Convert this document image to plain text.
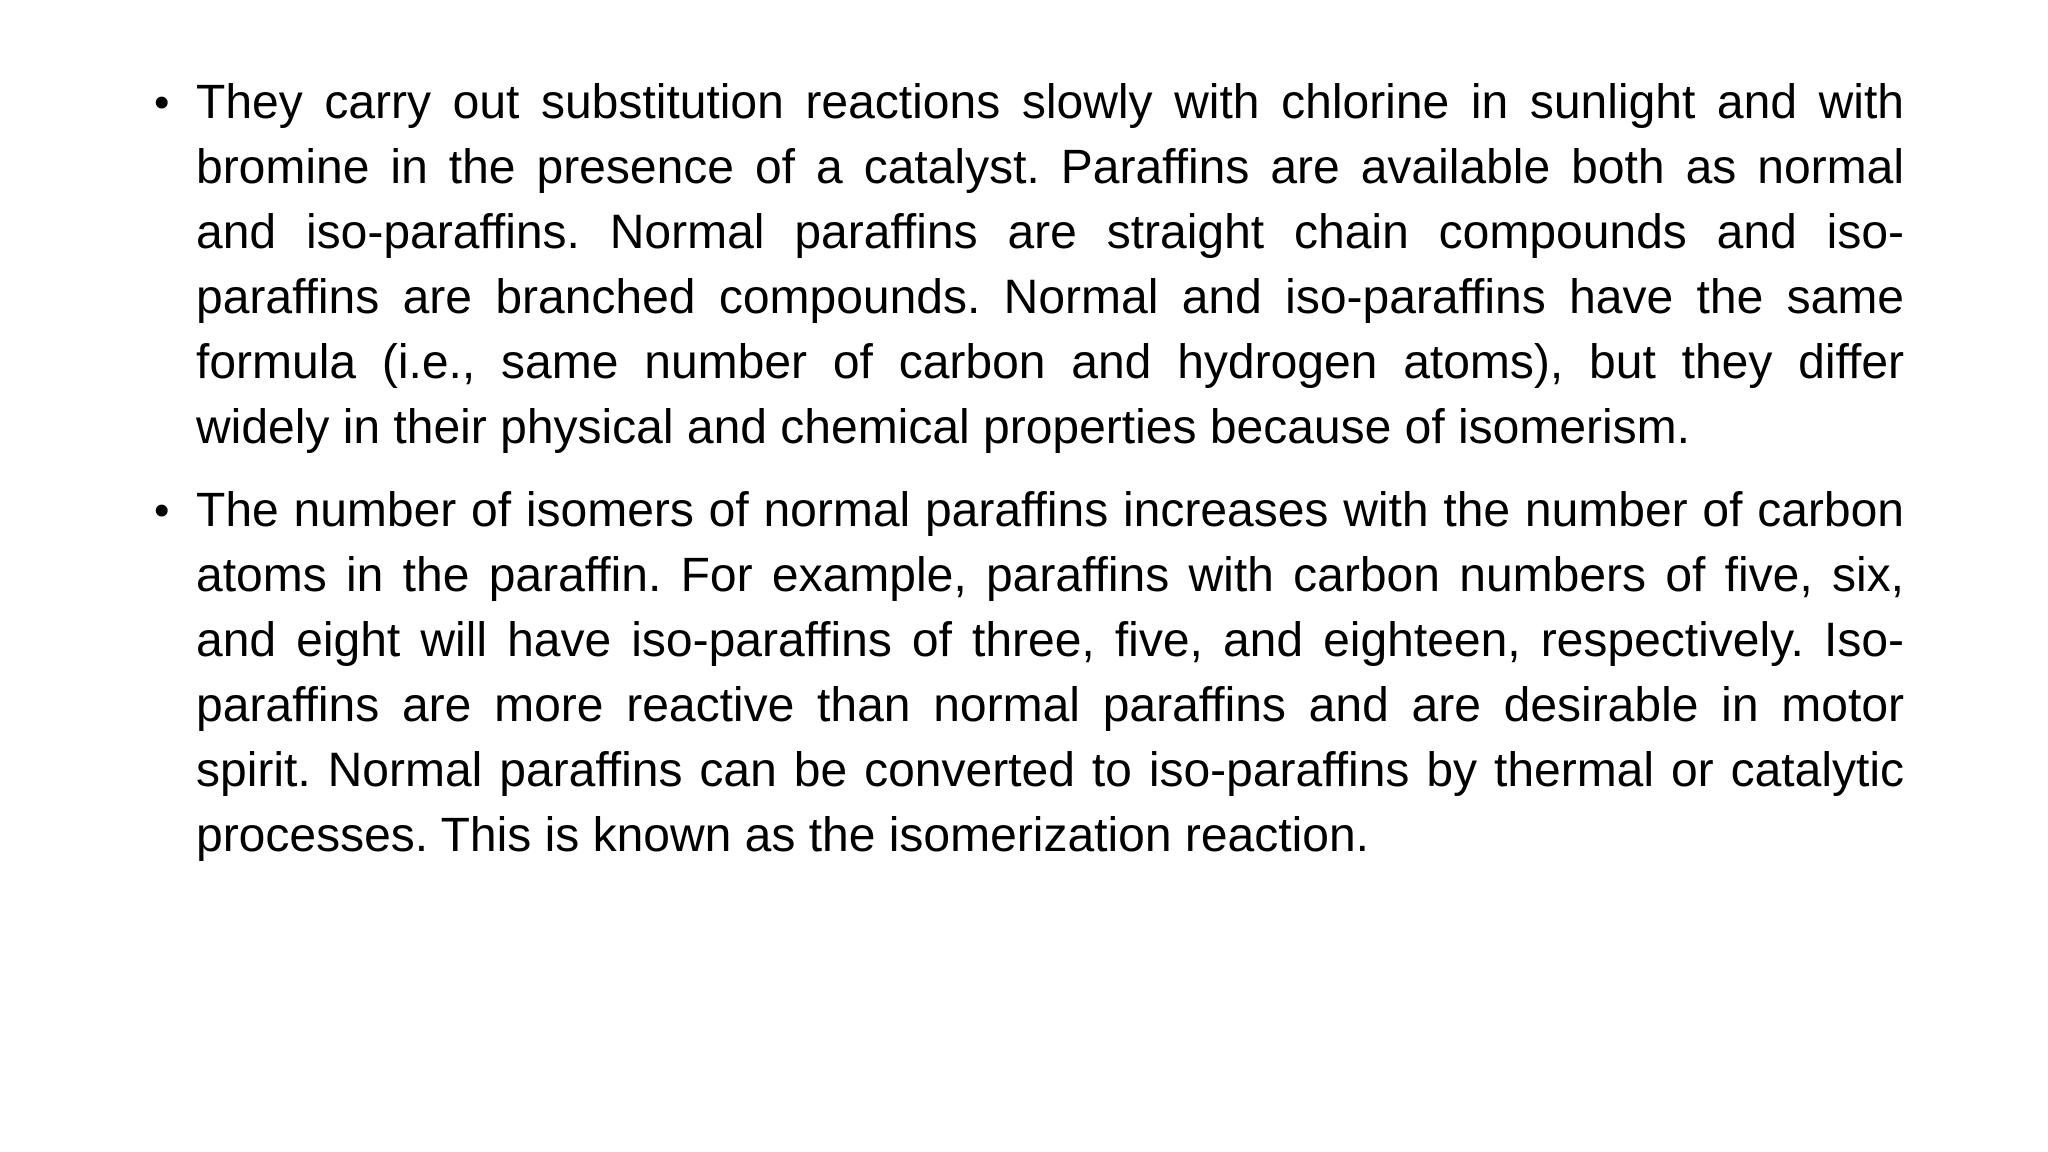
• They carry out substitution reactions slowly with chlorine in sunlight and with bromine in the presence of a catalyst. Paraffins are available both as normal and iso-paraffins. Normal paraffins are straight chain compounds and iso-paraffins are branched compounds. Normal and iso-paraffins have the same formula (i.e., same number of carbon and hydrogen atoms), but they differ widely in their physical and chemical properties because of isomerism.
• The number of isomers of normal paraffins increases with the number of carbon atoms in the paraffin. For example, paraffins with carbon numbers of five, six, and eight will have iso-paraffins of three, five, and eighteen, respectively. Iso-paraffins are more reactive than normal paraffins and are desirable in motor spirit. Normal paraffins can be converted to iso-paraffins by thermal or catalytic processes. This is known as the isomerization reaction.
